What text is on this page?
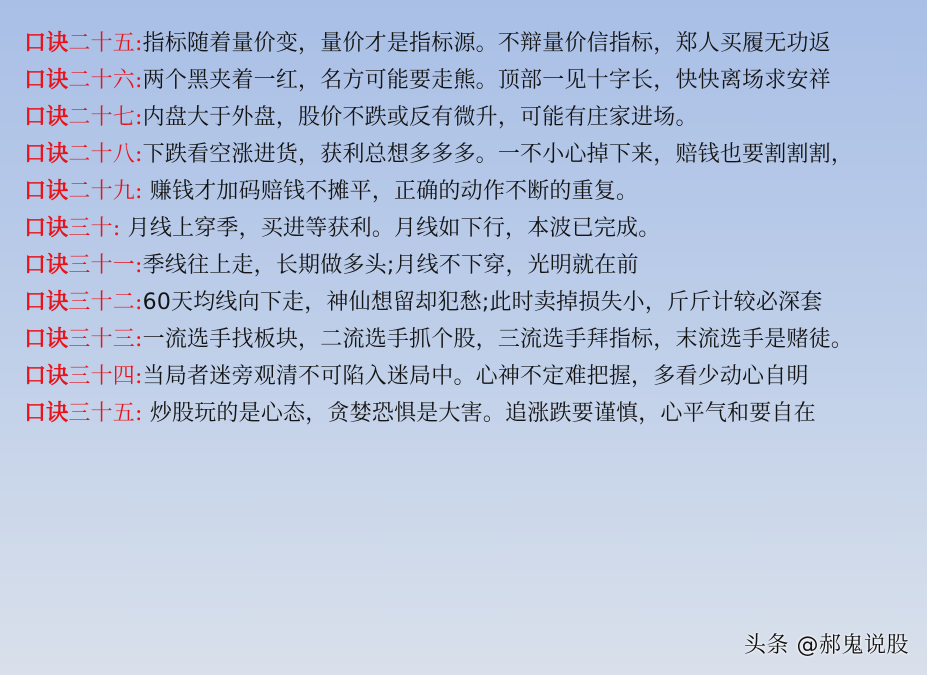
口诀二十五:指标随着量价变，量价才是指标源。不辩量价信指标，郑人买履无功返
口诀二十六:两个黑夹着一红，名方可能要走熊。顶部一见十字长，快快离场求安祥
口诀二十七:内盘大于外盘，股价不跌或反有微升，可能有庄家进场。
口诀二十八:下跌看空涨进货，获利总想多多多。一不小心掉下来，赔钱也要割割割，
口诀二十九: 赚钱才加码赔钱不摊平，正确的动作不断的重复。
口诀三十: 月线上穿季，买进等获利。月线如下行，本波已完成。
口诀三十一:季线往上走，长期做多头;月线不下穿，光明就在前
口诀三十二:60天均线向下走，神仙想留却犯愁;此时卖掉损失小，斤斤计较必深套
口诀三十三:一流选手找板块，二流选手抓个股，三流选手拜指标，末流选手是赌徒。
口诀三十四:当局者迷旁观清不可陷入迷局中。心神不定难把握，多看少动心自明
口诀三十五: 炒股玩的是心态，贪婪恐惧是大害。追涨跌要谨慎，心平气和要自在
头条 @郝鬼说股
